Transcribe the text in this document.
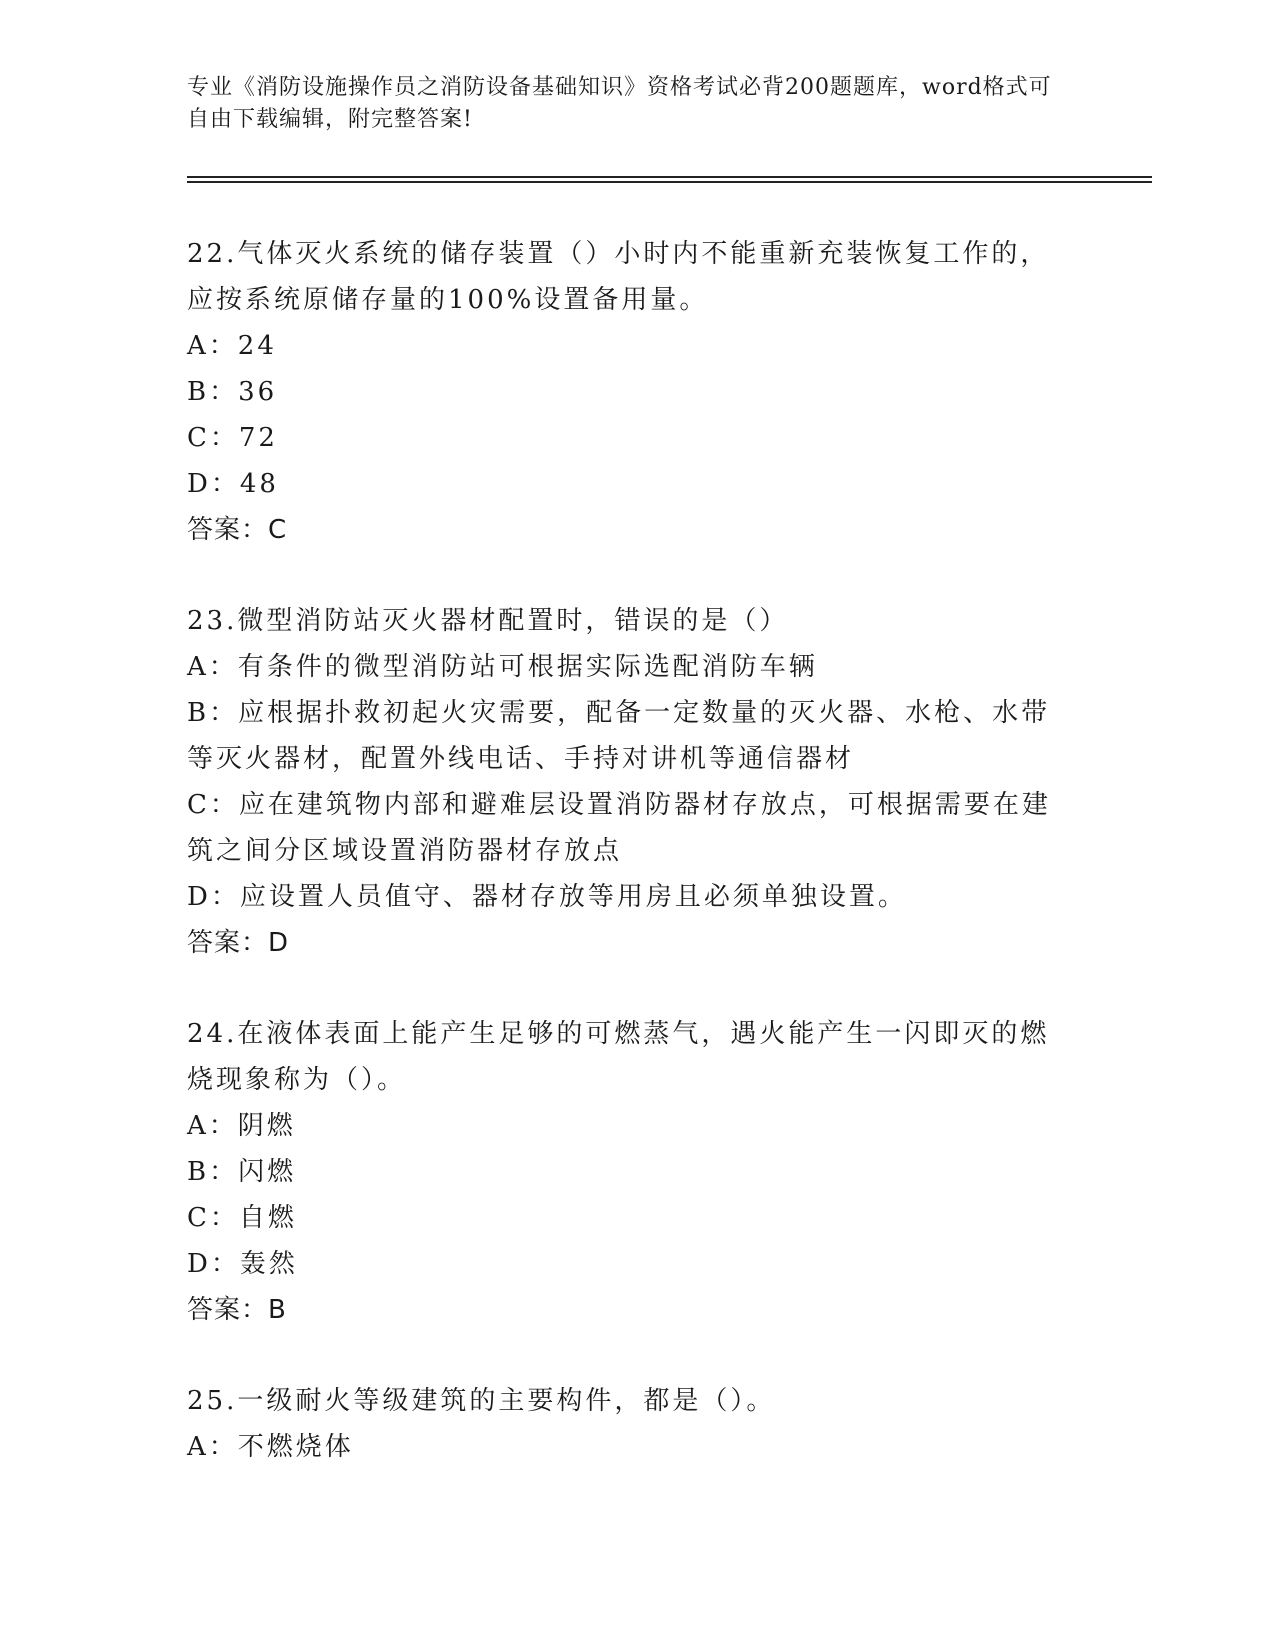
专业《消防设施操作员之消防设备基础知识》资格考试必背200题题库，word格式可自由下载编辑，附完整答案!

22.气体灭火系统的储存装置（）小时内不能重新充装恢复工作的，应按系统原储存量的100%设置备用量。

A：24

B：36

C：72

D：48

答案：C

23.微型消防站灭火器材配置时，错误的是（）

A：有条件的微型消防站可根据实际选配消防车辆

B：应根据扑救初起火灾需要，配备一定数量的灭火器、水枪、水带等灭火器材，配置外线电话、手持对讲机等通信器材

C：应在建筑物内部和避难层设置消防器材存放点，可根据需要在建筑之间分区域设置消防器材存放点

D：应设置人员值守、器材存放等用房且必须单独设置。

答案：D

24.在液体表面上能产生足够的可燃蒸气，遇火能产生一闪即灭的燃烧现象称为（）。

A：阴燃

B：闪燃

C：自燃

D：轰然

答案：B

25.一级耐火等级建筑的主要构件，都是（）。

A：不燃烧体
